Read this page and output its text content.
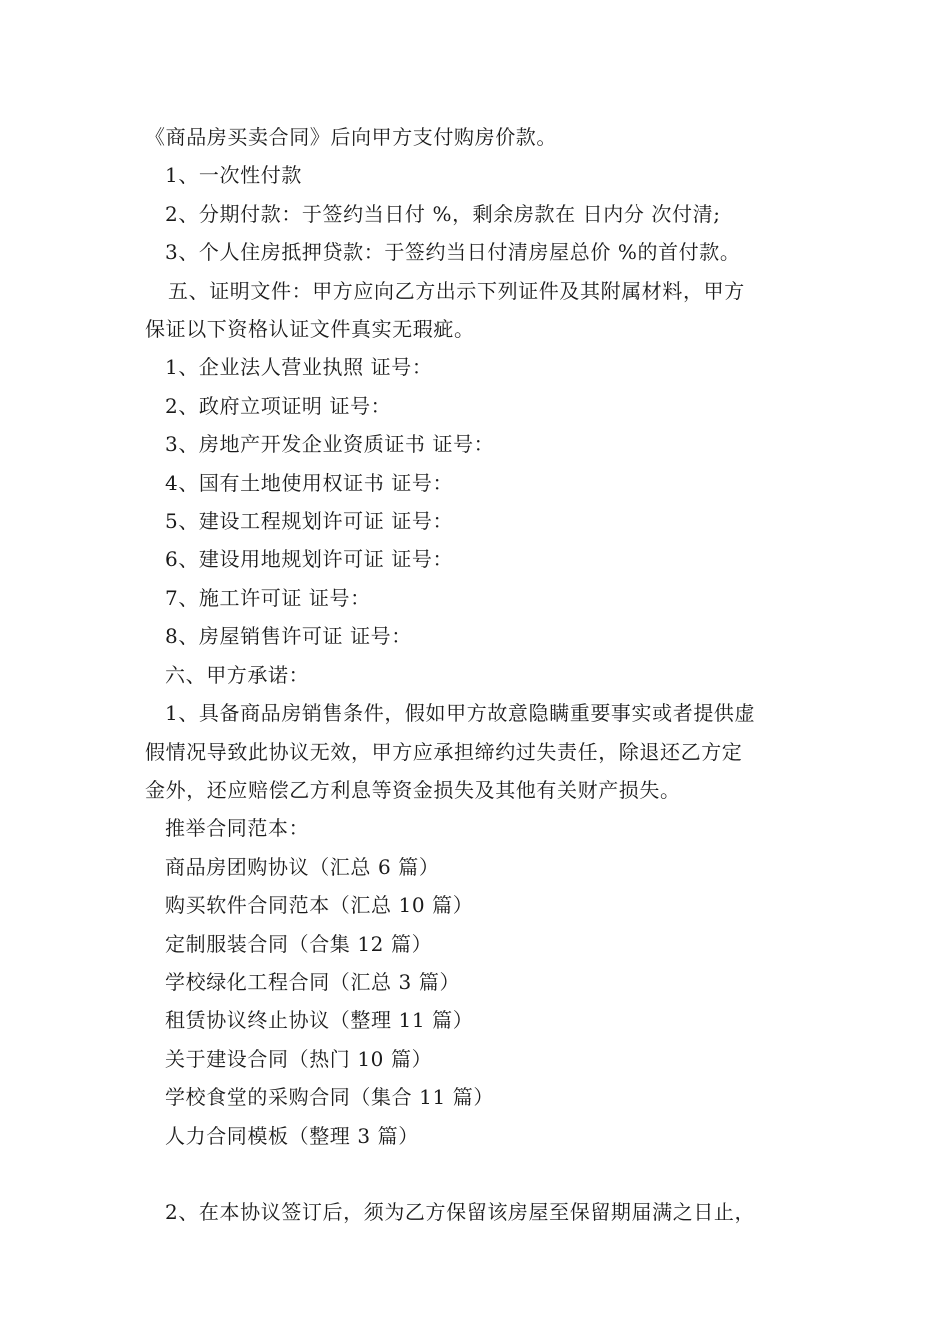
《商品房买卖合同》后向甲方支付购房价款。

1、一次性付款

2、分期付款：于签约当日付 %，剩余房款在 日内分 次付清;

3、个人住房抵押贷款：于签约当日付清房屋总价 %的首付款。

五、证明文件：甲方应向乙方出示下列证件及其附属材料，甲方

保证以下资格认证文件真实无瑕疵。

1、企业法人营业执照 证号：

2、政府立项证明 证号：

3、房地产开发企业资质证书 证号：

4、国有土地使用权证书 证号：

5、建设工程规划许可证 证号：

6、建设用地规划许可证 证号：

7、施工许可证 证号：

8、房屋销售许可证 证号：

六、甲方承诺：

1、具备商品房销售条件，假如甲方故意隐瞒重要事实或者提供虚

假情况导致此协议无效，甲方应承担缔约过失责任，除退还乙方定

金外，还应赔偿乙方利息等资金损失及其他有关财产损失。

推举合同范本：

商品房团购协议（汇总 6 篇）

购买软件合同范本（汇总 10 篇）

定制服装合同（合集 12 篇）

学校绿化工程合同（汇总 3 篇）

租赁协议终止协议（整理 11 篇）

关于建设合同（热门 10 篇）

学校食堂的采购合同（集合 11 篇）

人力合同模板（整理 3 篇）

2、在本协议签订后，须为乙方保留该房屋至保留期届满之日止，
